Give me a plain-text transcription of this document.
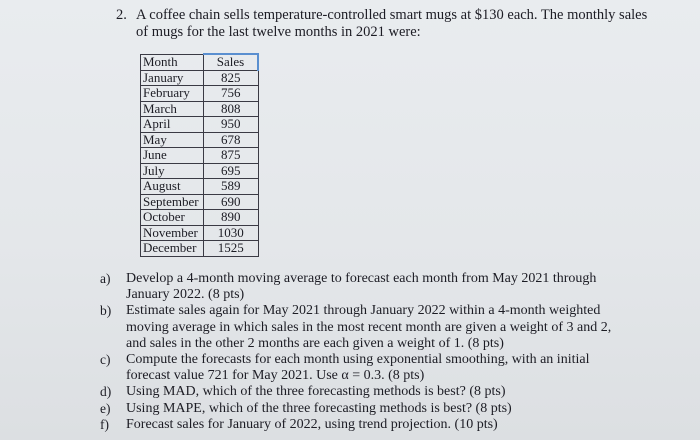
2. A coffee chain sells temperature-controlled smart mugs at $130 each. The monthly sales
of mugs for the last twelve months in 2021 were:
Month	Sales
January	825
February	756
March	808
April	950
May	678
June	875
July	695
August	589
September	690
October	890
November	1030
December	1525
a) Develop a 4-month moving average to forecast each month from May 2021 through
January 2022. (8 pts)
b) Estimate sales again for May 2021 through January 2022 within a 4-month weighted
moving average in which sales in the most recent month are given a weight of 3 and 2,
and sales in the other 2 months are each given a weight of 1. (8 pts)
c) Compute the forecasts for each month using exponential smoothing, with an initial
forecast value 721 for May 2021. Use α = 0.3. (8 pts)
d) Using MAD, which of the three forecasting methods is best? (8 pts)
e) Using MAPE, which of the three forecasting methods is best? (8 pts)
f) Forecast sales for January of 2022, using trend projection. (10 pts)
